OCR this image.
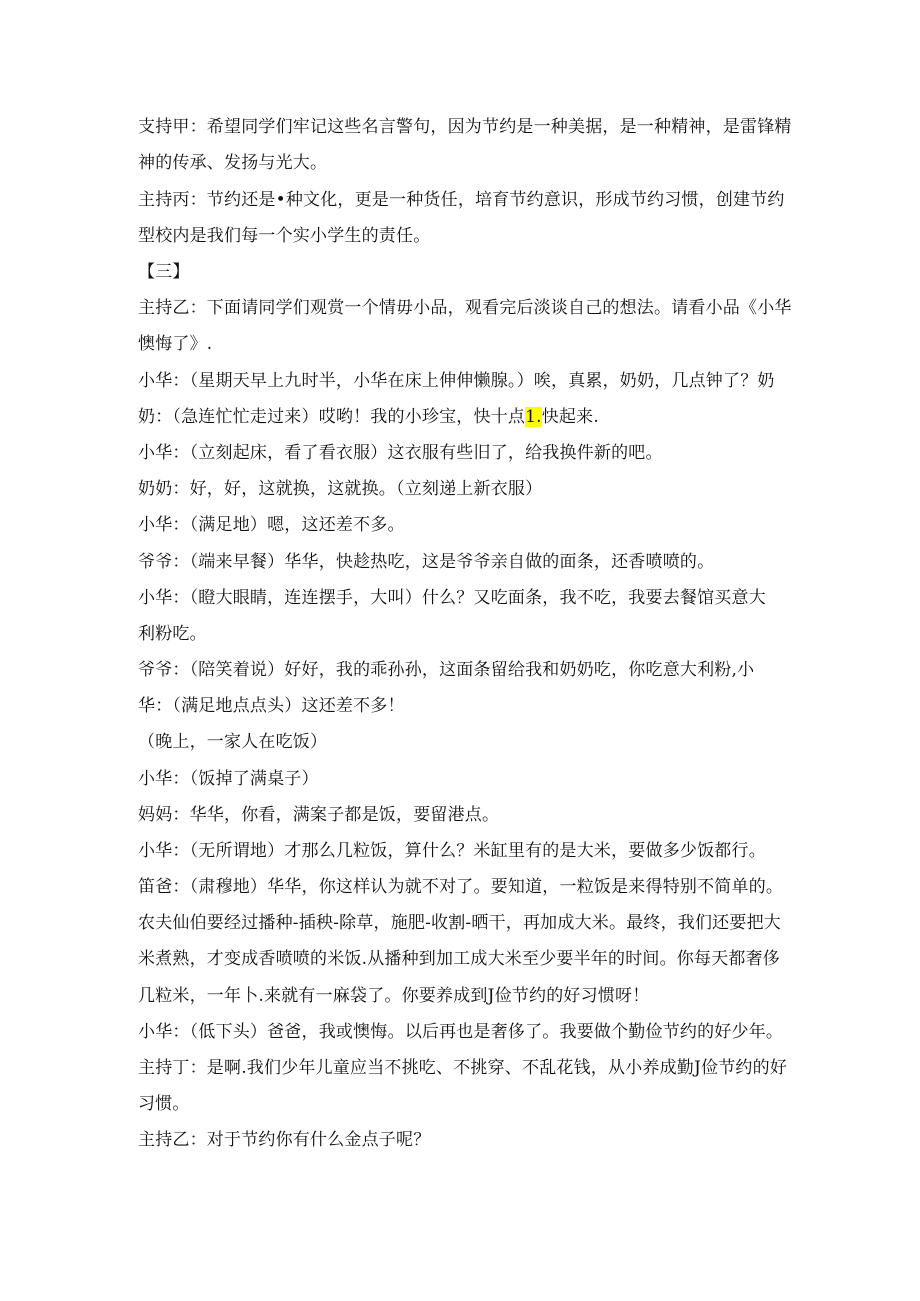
支持甲：希望同学们牢记这些名言警句，因为节约是一种美据，是一种精神，是雷锋精
神的传承、发扬与光大。
主持丙：节约还是•种文化，更是一种货任，培育节约意识，形成节约习惯，创建节约
型校内是我们每一个实小学生的责任。
【三】
主持乙：下面请同学们观赏一个情毋小品，观看完后淡谈自己的想法。请看小品《小华
懊悔了》.
小华：（星期天早上九时半，小华在床上伸伸懒腺。）唉，真累，奶奶，几点钟了？奶
奶：（急连忙忙走过来）哎哟！我的小珍宝，快十点1.快起来.
小华：（立刻起床，看了看衣服）这衣服有些旧了，给我换件新的吧。
奶奶：好，好，这就换，这就换。（立刻递上新衣服）
小华：（满足地）嗯，这还差不多。
爷爷：（端来早餐）华华，快趁热吃，这是爷爷亲自做的面条，还香喷喷的。
小华：（瞪大眼睛，连连摆手，大叫）什么？又吃面条，我不吃，我要去餐馆买意大
利粉吃。
爷爷：（陪笑着说）好好，我的乖孙孙，这面条留给我和奶奶吃，你吃意大利粉,小
华：（满足地点点头）这还差不多！
（晚上，一家人在吃饭）
小华：（饭掉了满桌子）
妈妈：华华，你看，满案子都是饭，要留港点。
小华：（无所谓地）才那么几粒饭，算什么？米缸里有的是大米，要做多少饭都行。
笛爸：（肃穆地）华华，你这样认为就不对了。要知道，一粒饭是来得特别不简单的。
农夫仙伯要经过播种-插秧-除草，施肥-收割-晒干，再加成大米。最终，我们还要把大
米煮熟，才变成香喷喷的米饭.从播种到加工成大米至少要半年的时间。你每天都奢侈
几粒米，一年卜.来就有一麻袋了。你要养成到J俭节约的好习惯呀！
小华：（低下头）爸爸，我或懊悔。以后再也是奢侈了。我要做个勤俭节约的好少年。
主持丁：是啊.我们少年儿童应当不挑吃、不挑穿、不乱花钱，从小养成勤J俭节约的好
习惯。
主持乙：对于节约你有什么金点子呢？
